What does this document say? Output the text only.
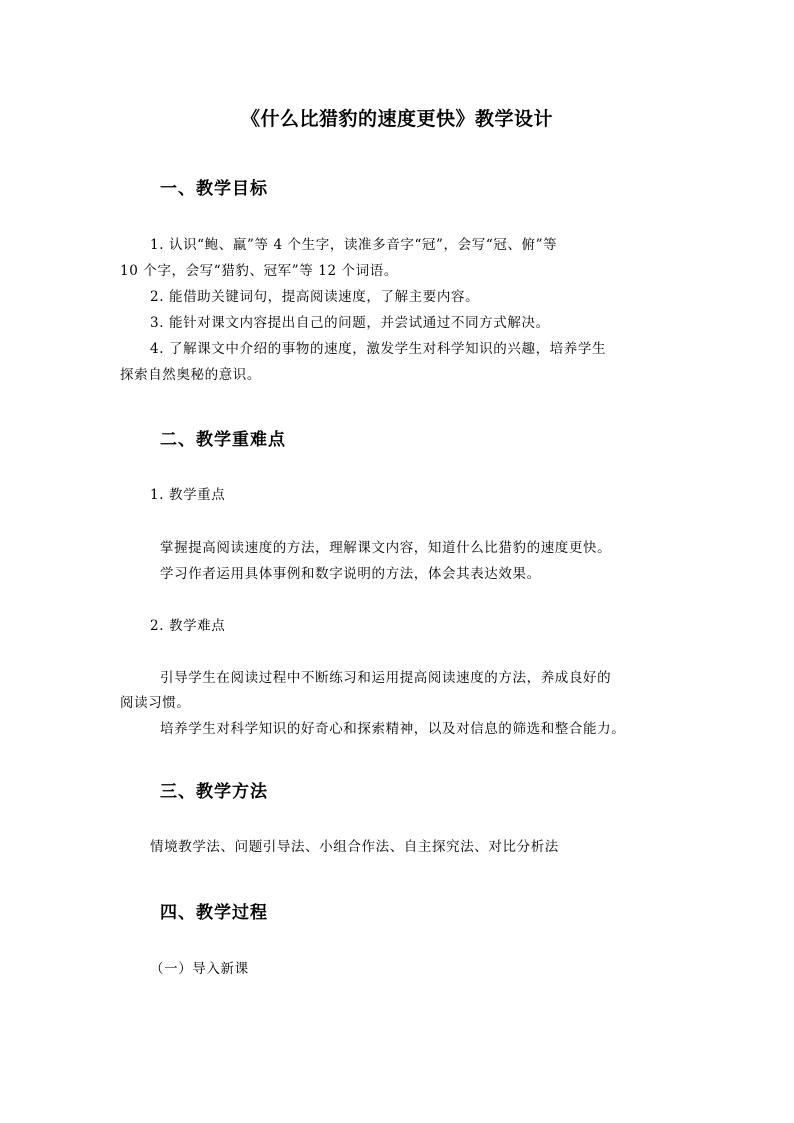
《什么比猎豹的速度更快》教学设计
一、教学目标
1. 认识“鲍、羸”等 4 个生字，读准多音字“冠”，会写“冠、俯”等
10 个字，会写“猎豹、冠军”等 12 个词语。
2. 能借助关键词句，提高阅读速度，了解主要内容。
3. 能针对课文内容提出自己的问题，并尝试通过不同方式解决。
4. 了解课文中介绍的事物的速度，激发学生对科学知识的兴趣，培养学生
探索自然奥秘的意识。
二、教学重难点
1. 教学重点
掌握提高阅读速度的方法，理解课文内容，知道什么比猎豹的速度更快。
学习作者运用具体事例和数字说明的方法，体会其表达效果。
2. 教学难点
引导学生在阅读过程中不断练习和运用提高阅读速度的方法，养成良好的
阅读习惯。
培养学生对科学知识的好奇心和探索精神，以及对信息的筛选和整合能力。
三、教学方法
情境教学法、问题引导法、小组合作法、自主探究法、对比分析法
四、教学过程
（一）导入新课
